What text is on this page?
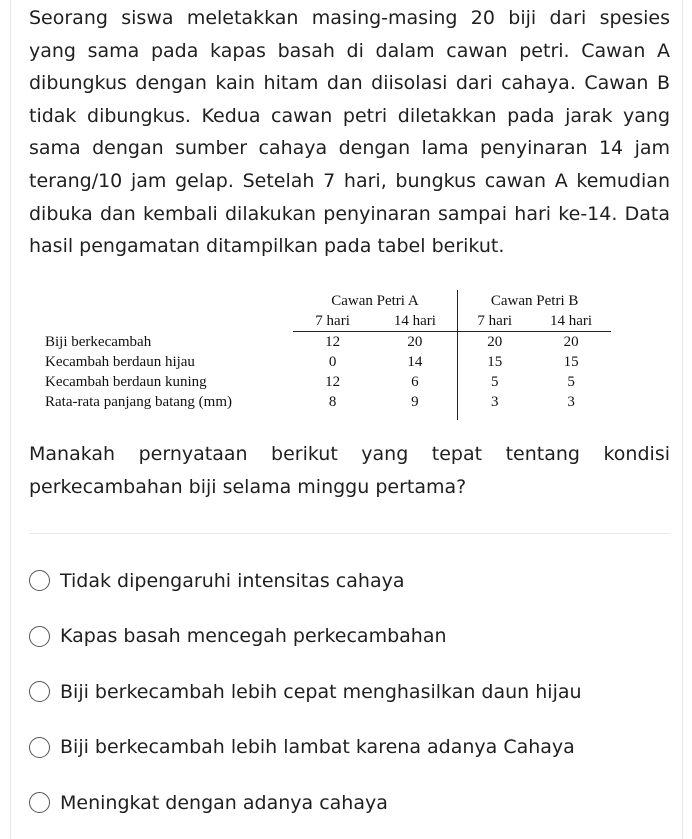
Seorang siswa meletakkan masing-masing 20 biji dari spesies yang sama pada kapas basah di dalam cawan petri. Cawan A dibungkus dengan kain hitam dan diisolasi dari cahaya. Cawan B tidak dibungkus. Kedua cawan petri diletakkan pada jarak yang sama dengan sumber cahaya dengan lama penyinaran 14 jam terang/10 jam gelap. Setelah 7 hari, bungkus cawan A kemudian dibuka dan kembali dilakukan penyinaran sampai hari ke-14. Data hasil pengamatan ditampilkan pada tabel berikut.

	Cawan Petri A		Cawan Petri B	
	7 hari	14 hari	7 hari	14 hari
Biji berkecambah	12	20	20	20
Kecambah berdaun hijau	0	14	15	15
Kecambah berdaun kuning	12	6	5	5
Rata-rata panjang batang (mm)	8	9	3	3

Manakah pernyataan berikut yang tepat tentang kondisi perkecambahan biji selama minggu pertama?

Tidak dipengaruhi intensitas cahaya
Kapas basah mencegah perkecambahan
Biji berkecambah lebih cepat menghasilkan daun hijau
Biji berkecambah lebih lambat karena adanya Cahaya
Meningkat dengan adanya cahaya
